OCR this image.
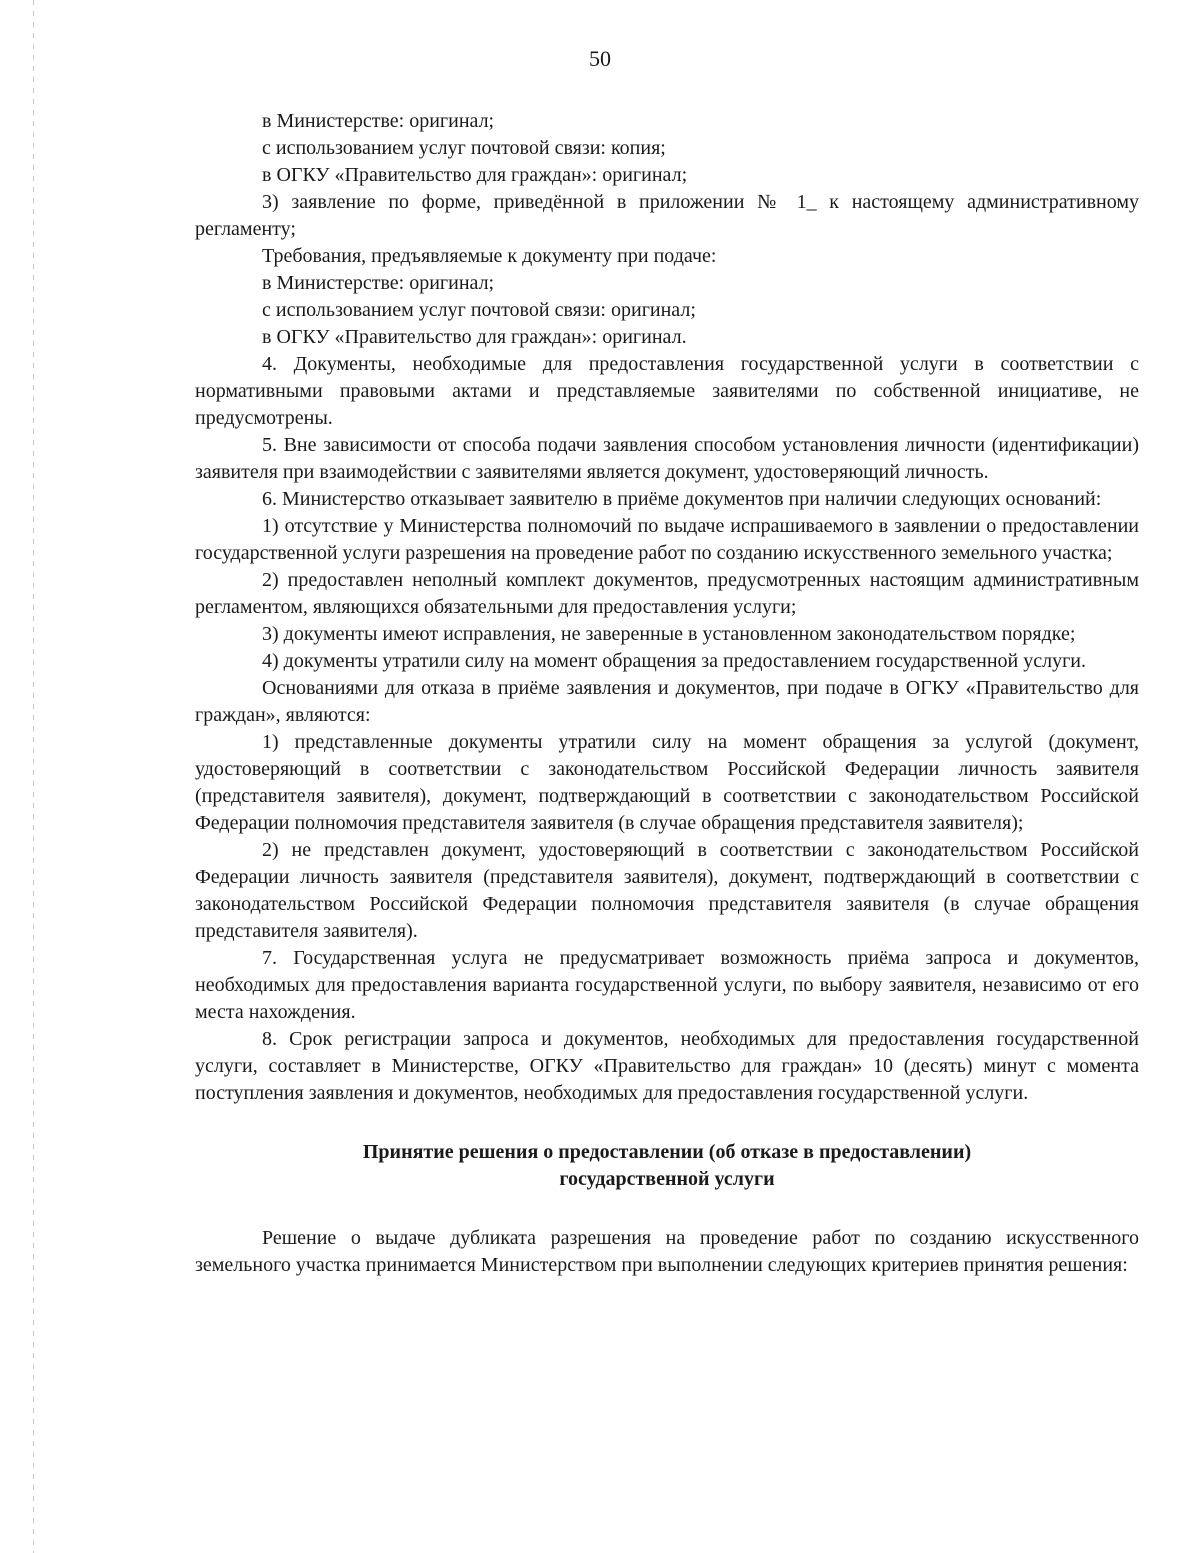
50

в Министерстве: оригинал;

с использованием услуг почтовой связи: копия;

в ОГКУ «Правительство для граждан»: оригинал;

3) заявление по форме, приведённой в приложении № 1_ к настоящему административному регламенту;

Требования, предъявляемые к документу при подаче:

в Министерстве: оригинал;

с использованием услуг почтовой связи: оригинал;

в ОГКУ «Правительство для граждан»: оригинал.

4. Документы, необходимые для предоставления государственной услуги в соответствии с нормативными правовыми актами и представляемые заявителями по собственной инициативе, не предусмотрены.

5. Вне зависимости от способа подачи заявления способом установления личности (идентификации) заявителя при взаимодействии с заявителями является документ, удостоверяющий личность.

6. Министерство отказывает заявителю в приёме документов при наличии следующих оснований:

1) отсутствие у Министерства полномочий по выдаче испрашиваемого в заявлении о предоставлении государственной услуги разрешения на проведение работ по созданию искусственного земельного участка;

2) предоставлен неполный комплект документов, предусмотренных настоящим административным регламентом, являющихся обязательными для предоставления услуги;

3) документы имеют исправления, не заверенные в установленном законодательством порядке;

4) документы утратили силу на момент обращения за предоставлением государственной услуги.

Основаниями для отказа в приёме заявления и документов, при подаче в ОГКУ «Правительство для граждан», являются:

1) представленные документы утратили силу на момент обращения за услугой (документ, удостоверяющий в соответствии с законодательством Российской Федерации личность заявителя (представителя заявителя), документ, подтверждающий в соответствии с законодательством Российской Федерации полномочия представителя заявителя (в случае обращения представителя заявителя);

2) не представлен документ, удостоверяющий в соответствии с законодательством Российской Федерации личность заявителя (представителя заявителя), документ, подтверждающий в соответствии с законодательством Российской Федерации полномочия представителя заявителя (в случае обращения представителя заявителя).

7. Государственная услуга не предусматривает возможность приёма запроса и документов, необходимых для предоставления варианта государственной услуги, по выбору заявителя, независимо от его места нахождения.

8. Срок регистрации запроса и документов, необходимых для предоставления государственной услуги, составляет в Министерстве, ОГКУ «Правительство для граждан» 10 (десять) минут с момента поступления заявления и документов, необходимых для предоставления государственной услуги.

Принятие решения о предоставлении (об отказе в предоставлении)

государственной услуги

Решение о выдаче дубликата разрешения на проведение работ по созданию искусственного земельного участка принимается Министерством при выполнении следующих критериев принятия решения:
